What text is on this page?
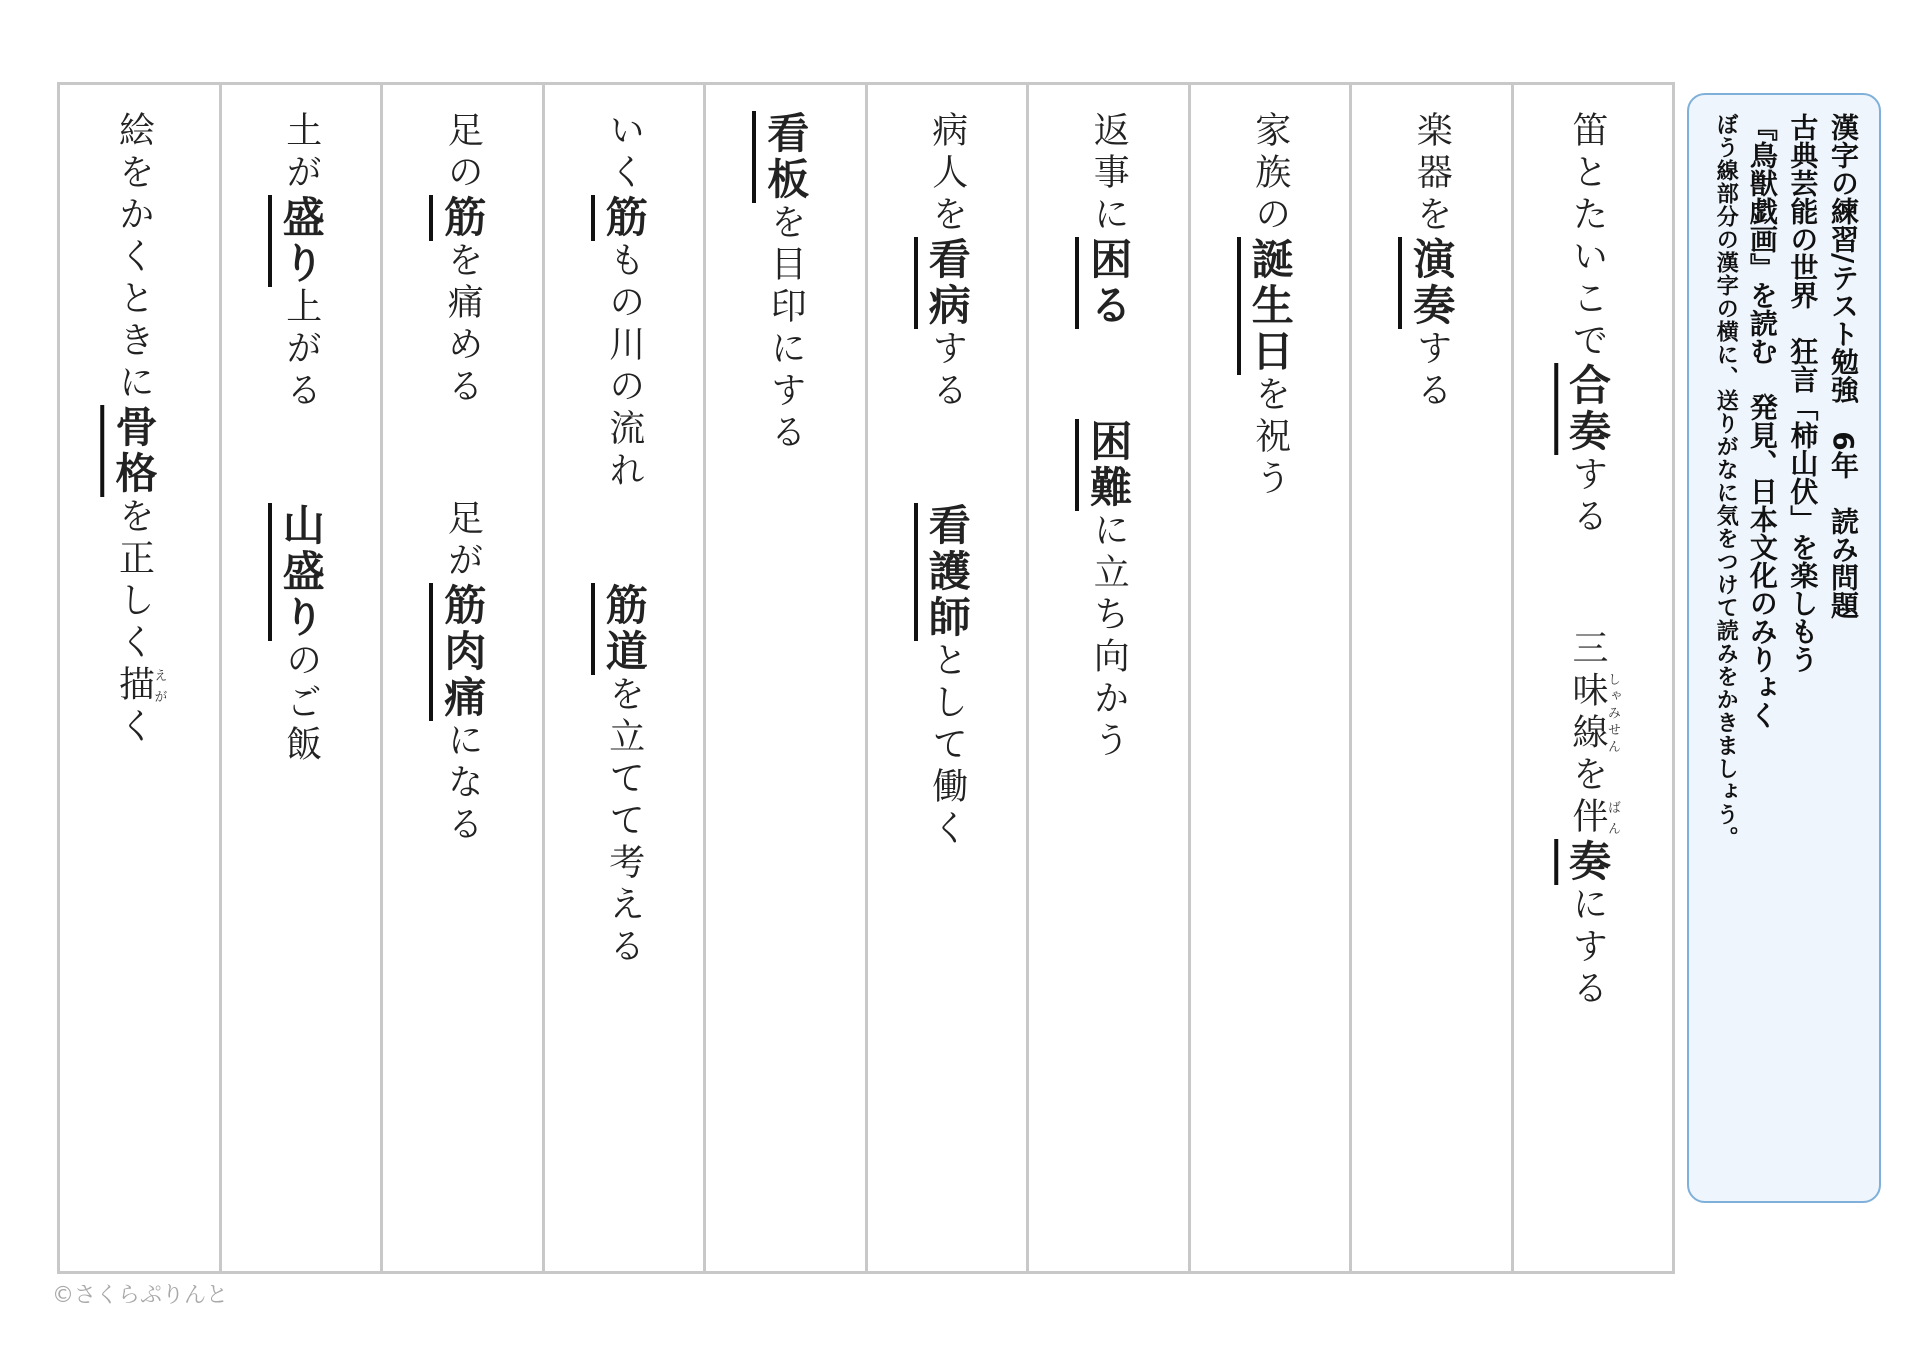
笛とたいこで合奏する三味線しゃみせんを伴ばん奏にする
楽器を演奏する
家族の誕生日を祝う
返事に困る困難に立ち向かう
病人を看病する看護師として働く
看板を目印にする
いく筋もの川の流れ筋道を立てて考える
足の筋を痛める足が筋肉痛になる
土が盛り上がる山盛りのご飯
絵をかくときに骨格を正しく描えがく
漢字の練習/テスト勉強　6年　読み問題
古典芸能の世界　狂言「柿山伏」を楽しもう
『鳥獣戯画』を読む　発見、日本文化のみりょく
ぼう線部分の漢字の横に、送りがなに気をつけて読みをかきましょう。
©さくらぷりんと
